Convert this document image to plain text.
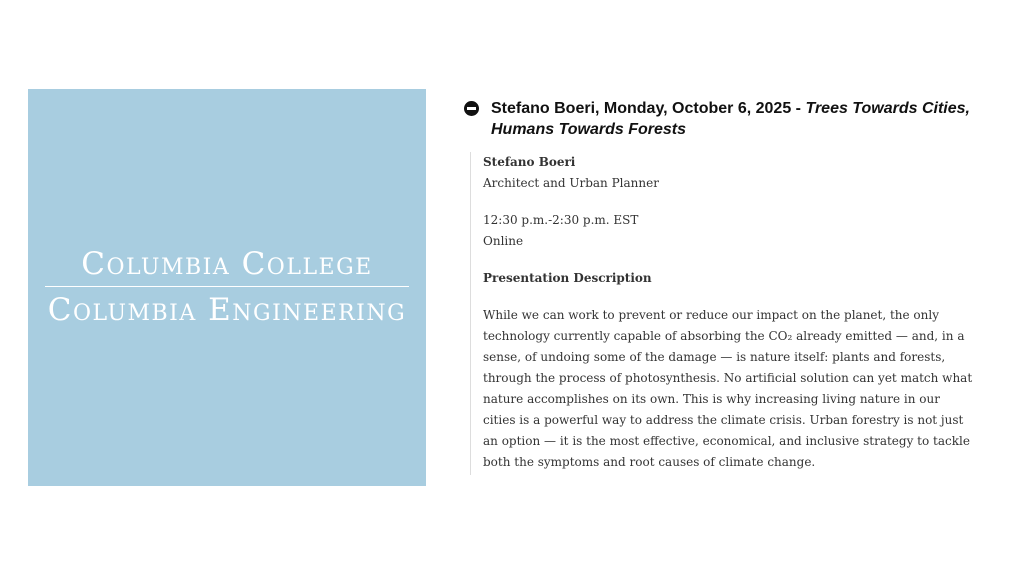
Columbia College
Columbia Engineering
Stefano Boeri, Monday, October 6, 2025 - Trees Towards Cities, Humans Towards Forests

Stefano Boeri
Architect and Urban Planner

12:30 p.m.-2:30 p.m. EST
Online

Presentation Description

While we can work to prevent or reduce our impact on the planet, the only technology currently capable of absorbing the CO₂ already emitted — and, in a sense, of undoing some of the damage — is nature itself: plants and forests, through the process of photosynthesis. No artificial solution can yet match what nature accomplishes on its own. This is why increasing living nature in our cities is a powerful way to address the climate crisis. Urban forestry is not just an option — it is the most effective, economical, and inclusive strategy to tackle both the symptoms and root causes of climate change.
